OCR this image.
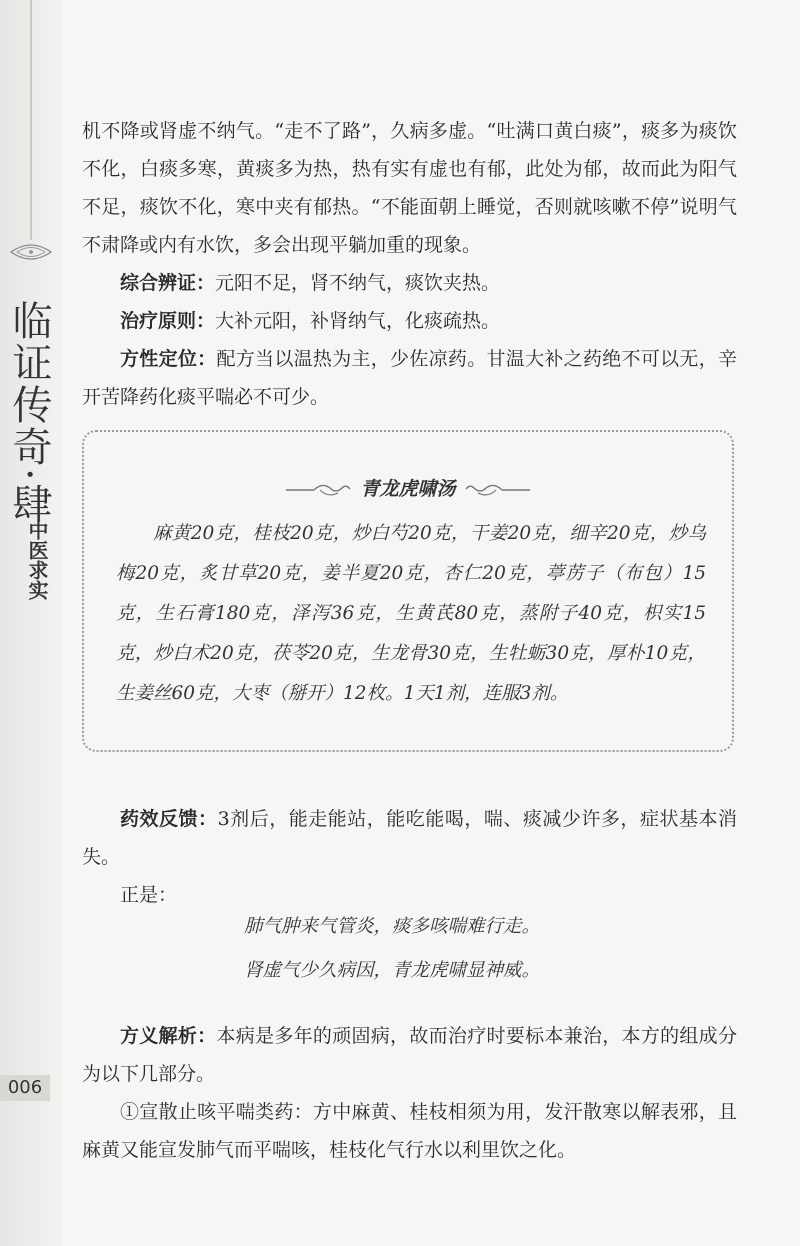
临证传奇·肆
中医求实
006

机不降或肾虚不纳气。“走不了路”，久病多虚。“吐满口黄白痰”，痰多为痰饮不化，白痰多寒，黄痰多为热，热有实有虚也有郁，此处为郁，故而此为阳气不足，痰饮不化，寒中夹有郁热。“不能面朝上睡觉，否则就咳嗽不停”说明气不肃降或内有水饮，多会出现平躺加重的现象。

综合辨证：元阳不足，肾不纳气，痰饮夹热。

治疗原则：大补元阳，补肾纳气，化痰疏热。

方性定位：配方当以温热为主，少佐凉药。甘温大补之药绝不可以无，辛开苦降药化痰平喘必不可少。

青龙虎啸汤
麻黄20克，桂枝20克，炒白芍20克，干姜20克，细辛20克，炒乌梅20克，炙甘草20克，姜半夏20克，杏仁20克，葶苈子（布包）15克，生石膏180克，泽泻36克，生黄芪80克，蒸附子40克，枳实15克，炒白术20克，茯苓20克，生龙骨30克，生牡蛎30克，厚朴10克，生姜丝60克，大枣（掰开）12枚。1天1剂，连服3剂。

药效反馈：3剂后，能走能站，能吃能喝，喘、痰减少许多，症状基本消失。

正是：

肺气肿来气管炎，痰多咳喘难行走。
肾虚气少久病因，青龙虎啸显神威。

方义解析：本病是多年的顽固病，故而治疗时要标本兼治，本方的组成分为以下几部分。

①宣散止咳平喘类药：方中麻黄、桂枝相须为用，发汗散寒以解表邪，且麻黄又能宣发肺气而平喘咳，桂枝化气行水以利里饮之化。
